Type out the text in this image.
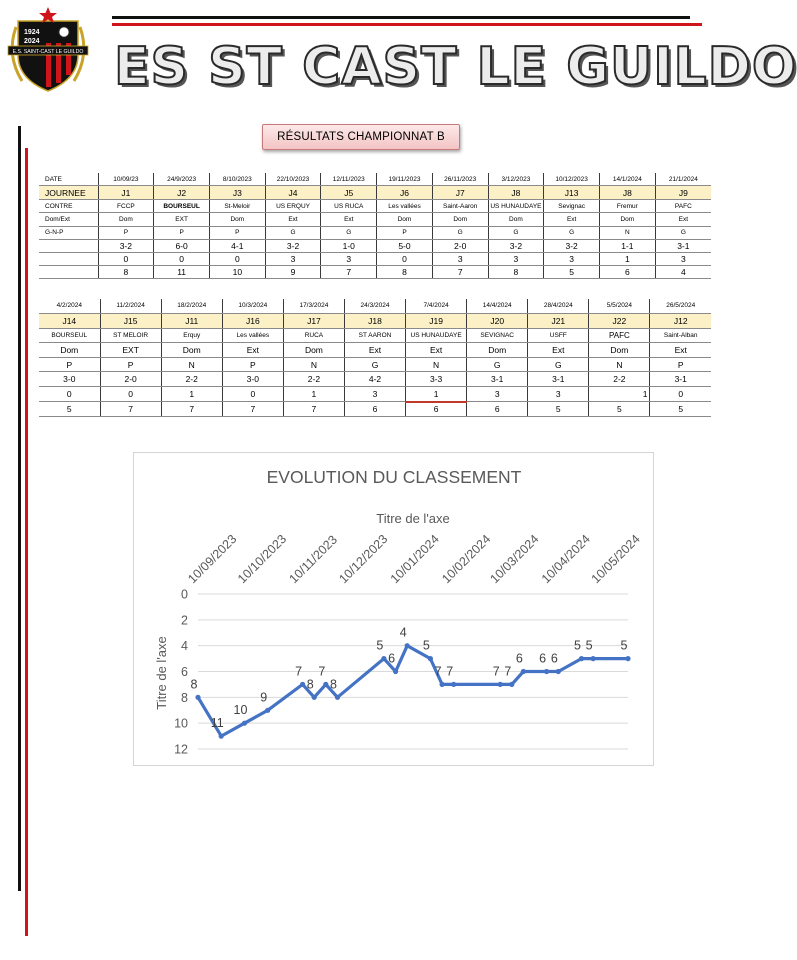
1924
2024
E.S. SAINT-CAST LE GUILDO ES ST CAST LE GUILDO
RÉSULTATS CHAMPIONNAT B
DATE	10/09/23	24/9/2023	8/10/2023	22/10/2023	12/11/2023	19/11/2023	26/11/2023	3/12/2023	10/12/2023	14/1/2024	21/1/2024
JOURNEE	J1	J2	J3	J4	J5	J6	J7	J8	J13	J8	J9
CONTRE	FCCP	BOURSEUL	St-Meloir	US ERQUY	US RUCA	Les vallées	Saint-Aaron	US HUNAUDAYE	Sevignac	Fremur	PAFC
Dom/Ext	Dom	EXT	Dom	Ext	Ext	Dom	Dom	Dom	Ext	Dom	Ext
G-N-P	P	P	P	G	G	P	G	G	G	N	G
	3-2	6-0	4-1	3-2	1-0	5-0	2-0	3-2	3-2	1-1	3-1
	0	0	0	3	3	0	3	3	3	1	3
	8	11	10	9	7	8	7	8	5	6	4
4/2/2024	11/2/2024	18/2/2024	10/3/2024	17/3/2024	24/3/2024	7/4/2024	14/4/2024	28/4/2024	5/5/2024	26/5/2024
J14	J15	J11	J16	J17	J18	J19	J20	J21	J22	J12
BOURSEUL	ST MELOIR	Erquy	Les vallées	RUCA	ST AARON	US HUNAUDAYE	SEVIGNAC	USFF	PAFC	Saint-Alban
Dom	EXT	Dom	Ext	Dom	Ext	Ext	Dom	Ext	Dom	Ext
P	P	N	P	N	G	N	G	G	N	P
3-0	2-0	2-2	3-0	2-2	4-2	3-3	3-1	3-1	2-2	3-1
0	0	1	0	1	3	1	3	3	1	0
5	7	7	7	7	6	6	6	5	5	5
EVOLUTION DU CLASSEMENT
Titre de l'axe
Titre de l'axe
0
2
4
6
8
10
12
10/09/2023
10/10/2023
10/11/2023
10/12/2023
10/01/2024
10/02/2024
10/03/2024
10/04/2024
10/05/2024
8
11
10
9
7
8
7
8
5
6
4
5
7 7	7 7
6 6 6
5 5 5
